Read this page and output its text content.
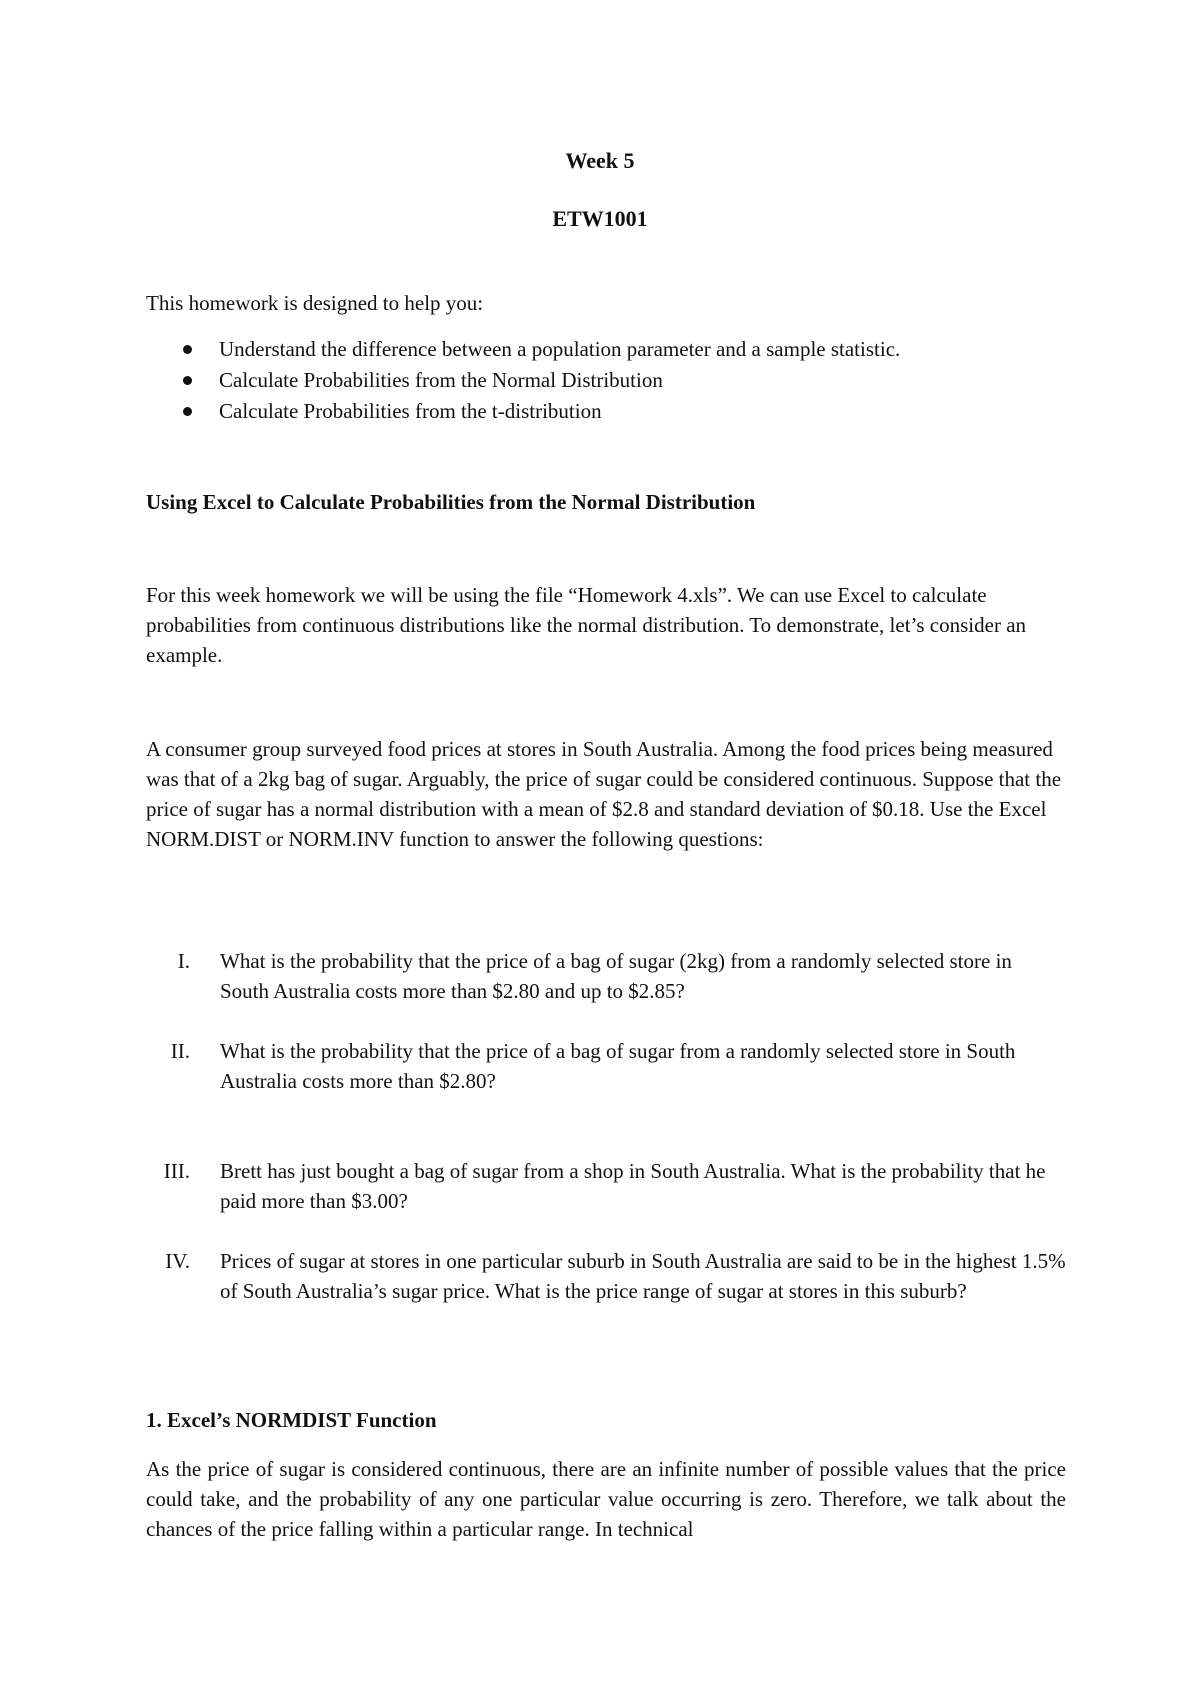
Week 5
ETW1001

This homework is designed to help you:

Understand the difference between a population parameter and a sample statistic.
Calculate Probabilities from the Normal Distribution
Calculate Probabilities from the t-distribution
Using Excel to Calculate Probabilities from the Normal Distribution

For this week homework we will be using the file “Homework 4.xls”. We can use Excel to calculate probabilities from continuous distributions like the normal distribution. To demonstrate, let’s consider an example.

A consumer group surveyed food prices at stores in South Australia. Among the food prices being measured was that of a 2kg bag of sugar. Arguably, the price of sugar could be considered continuous. Suppose that the price of sugar has a normal distribution with a mean of $2.8 and standard deviation of $0.18. Use the Excel NORM.DIST or NORM.INV function to answer the following questions:

I. What is the probability that the price of a bag of sugar (2kg) from a randomly selected store in South Australia costs more than $2.80 and up to $2.85?
II. What is the probability that the price of a bag of sugar from a randomly selected store in South Australia costs more than $2.80?
III. Brett has just bought a bag of sugar from a shop in South Australia. What is the probability that he paid more than $3.00?
IV. Prices of sugar at stores in one particular suburb in South Australia are said to be in the highest 1.5% of South Australia’s sugar price. What is the price range of sugar at stores in this suburb?
1. Excel’s NORMDIST Function

As the price of sugar is considered continuous, there are an infinite number of possible values that the price could take, and the probability of any one particular value occurring is zero. Therefore, we talk about the chances of the price falling within a particular range. In technical
